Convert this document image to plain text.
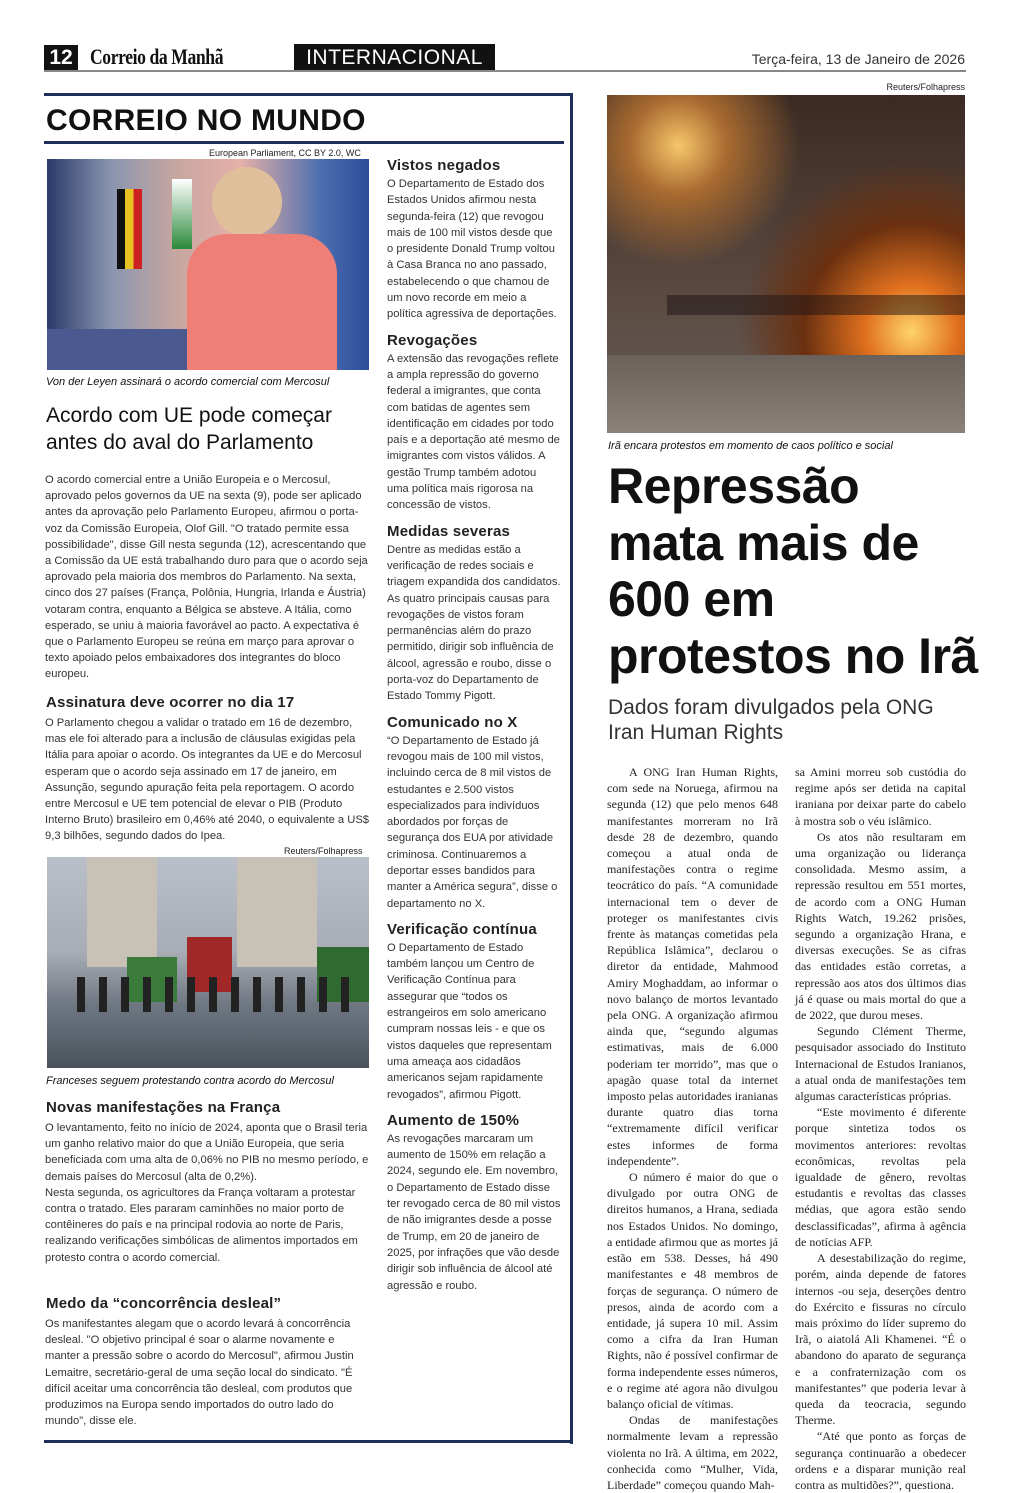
12 Correio da Manhã	INTERNACIONAL	Terça-feira, 13 de Janeiro de 2026
CORREIO NO MUNDO
European Parliament, CC BY 2.0, WC
Von der Leyen assinará o acordo comercial com Mercosul
Acordo com UE pode começar antes do aval do Parlamento

O acordo comercial entre a União Europeia e o Mercosul, aprovado pelos governos da UE na sexta (9), pode ser aplicado antes da aprovação pelo Parlamento Europeu, afirmou o porta-voz da Comissão Europeia, Olof Gill. "O tratado permite essa possibilidade", disse Gill nesta segunda (12), acrescentando que a Comissão da UE está trabalhando duro para que o acordo seja aprovado pela maioria dos membros do Parlamento. Na sexta, cinco dos 27 países (França, Polônia, Hungria, Irlanda e Áustria) votaram contra, enquanto a Bélgica se absteve. A Itália, como esperado, se uniu à maioria favorável ao pacto. A expectativa é que o Parlamento Europeu se reúna em março para aprovar o texto apoiado pelos embaixadores dos integrantes do bloco europeu.

Assinatura deve ocorrer no dia 17

O Parlamento chegou a validar o tratado em 16 de dezembro, mas ele foi alterado para a inclusão de cláusulas exigidas pela Itália para apoiar o acordo. Os integrantes da UE e do Mercosul esperam que o acordo seja assinado em 17 de janeiro, em Assunção, segundo apuração feita pela reportagem. O acordo entre Mercosul e UE tem potencial de elevar o PIB (Produto Interno Bruto) brasileiro em 0,46% até 2040, o equivalente a US$ 9,3 bilhões, segundo dados do Ipea.

Reuters/Folhapress
Franceses seguem protestando contra acordo do Mercosul
Novas manifestações na França

O levantamento, feito no início de 2024, aponta que o Brasil teria um ganho relativo maior do que a União Europeia, que seria beneficiada com uma alta de 0,06% no PIB no mesmo período, e demais países do Mercosul (alta de 0,2%).

Nesta segunda, os agricultores da França voltaram a protestar contra o tratado. Eles pararam caminhões no maior porto de contêineres do país e na principal rodovia ao norte de Paris, realizando verificações simbólicas de alimentos importados em protesto contra o acordo comercial.

Medo da “concorrência desleal”

Os manifestantes alegam que o acordo levará à concorrência desleal. "O objetivo principal é soar o alarme novamente e manter a pressão sobre o acordo do Mercosul", afirmou Justin Lemaitre, secretário-geral de uma seção local do sindicato. "É difícil aceitar uma concorrência tão desleal, com produtos que produzimos na Europa sendo importados do outro lado do mundo", disse ele.

Vistos negados

O Departamento de Estado dos Estados Unidos afirmou nesta segunda-feira (12) que revogou mais de 100 mil vistos desde que o presidente Donald Trump voltou à Casa Branca no ano passado, estabelecendo o que chamou de um novo recorde em meio a política agressiva de deportações.

Revogações

A extensão das revogações reflete a ampla repressão do governo federal a imigrantes, que conta com batidas de agentes sem identificação em cidades por todo país e a deportação até mesmo de imigrantes com vistos válidos. A gestão Trump também adotou uma política mais rigorosa na concessão de vistos.

Medidas severas

Dentre as medidas estão a verificação de redes sociais e triagem expandida dos candidatos. As quatro principais causas para revogações de vistos foram permanências além do prazo permitido, dirigir sob influência de álcool, agressão e roubo, disse o porta-voz do Departamento de Estado Tommy Pigott.

Comunicado no X

“O Departamento de Estado já revogou mais de 100 mil vistos, incluindo cerca de 8 mil vistos de estudantes e 2.500 vistos especializados para indivíduos abordados por forças de segurança dos EUA por atividade criminosa. Continuaremos a deportar esses bandidos para manter a América segura”, disse o departamento no X.

Verificação contínua

O Departamento de Estado também lançou um Centro de Verificação Contínua para assegurar que “todos os estrangeiros em solo americano cumpram nossas leis - e que os vistos daqueles que representam uma ameaça aos cidadãos americanos sejam rapidamente revogados”, afirmou Pigott.

Aumento de 150%

As revogações marcaram um aumento de 150% em relação a 2024, segundo ele. Em novembro, o Departamento de Estado disse ter revogado cerca de 80 mil vistos de não imigrantes desde a posse de Trump, em 20 de janeiro de 2025, por infrações que vão desde dirigir sob influência de álcool até agressão e roubo.

Reuters/Folhapress
Irã encara protestos em momento de caos político e social
Repressão mata mais de 600 em protestos no Irã
Dados foram divulgados pela ONG Iran Human Rights

A ONG Iran Human Rights, com sede na Noruega, afirmou na segunda (12) que pelo menos 648 manifestantes morreram no Irã desde 28 de dezembro, quando começou a atual onda de manifestações contra o regime teocrático do país. “A comunidade internacional tem o dever de proteger os manifestantes civis frente às matanças cometidas pela República Islâmica”, declarou o diretor da entidade, Mahmood Amiry Moghaddam, ao informar o novo balanço de mortos levantado pela ONG. A organização afirmou ainda que, “segundo algumas estimativas, mais de 6.000 poderiam ter morrido”, mas que o apagão quase total da internet imposto pelas autoridades iranianas durante quatro dias torna “extremamente difícil verificar estes informes de forma independente”.

O número é maior do que o divulgado por outra ONG de direitos humanos, a Hrana, sediada nos Estados Unidos. No domingo, a entidade afirmou que as mortes já estão em 538. Desses, há 490 manifestantes e 48 membros de forças de segurança. O número de presos, ainda de acordo com a entidade, já supera 10 mil. Assim como a cifra da Iran Human Rights, não é possível confirmar de forma independente esses números, e o regime até agora não divulgou balanço oficial de vítimas.

Ondas de manifestações normalmente levam a repressão violenta no Irã. A última, em 2022, conhecida como “Mulher, Vida, Liberdade” começou quando Mah-

sa Amini morreu sob custódia do regime após ser detida na capital iraniana por deixar parte do cabelo à mostra sob o véu islâmico.

Os atos não resultaram em uma organização ou liderança consolidada. Mesmo assim, a repressão resultou em 551 mortes, de acordo com a ONG Human Rights Watch, 19.262 prisões, segundo a organização Hrana, e diversas execuções. Se as cifras das entidades estão corretas, a repressão aos atos dos últimos dias já é quase ou mais mortal do que a de 2022, que durou meses.

Segundo Clément Therme, pesquisador associado do Instituto Internacional de Estudos Iranianos, a atual onda de manifestações tem algumas características próprias.

“Este movimento é diferente porque sintetiza todos os movimentos anteriores: revoltas econômicas, revoltas pela igualdade de gênero, revoltas estudantis e revoltas das classes médias, que agora estão sendo desclassificadas”, afirma à agência de notícias AFP.

A desestabilização do regime, porém, ainda depende de fatores internos -ou seja, deserções dentro do Exército e fissuras no círculo mais próximo do líder supremo do Irã, o aiatolá Ali Khamenei. “É o abandono do aparato de segurança e a confraternização com os manifestantes” que poderia levar à queda da teocracia, segundo Therme.

“Até que ponto as forças de segurança continuarão a obedecer ordens e a disparar munição real contra as multidões?”, questiona.
